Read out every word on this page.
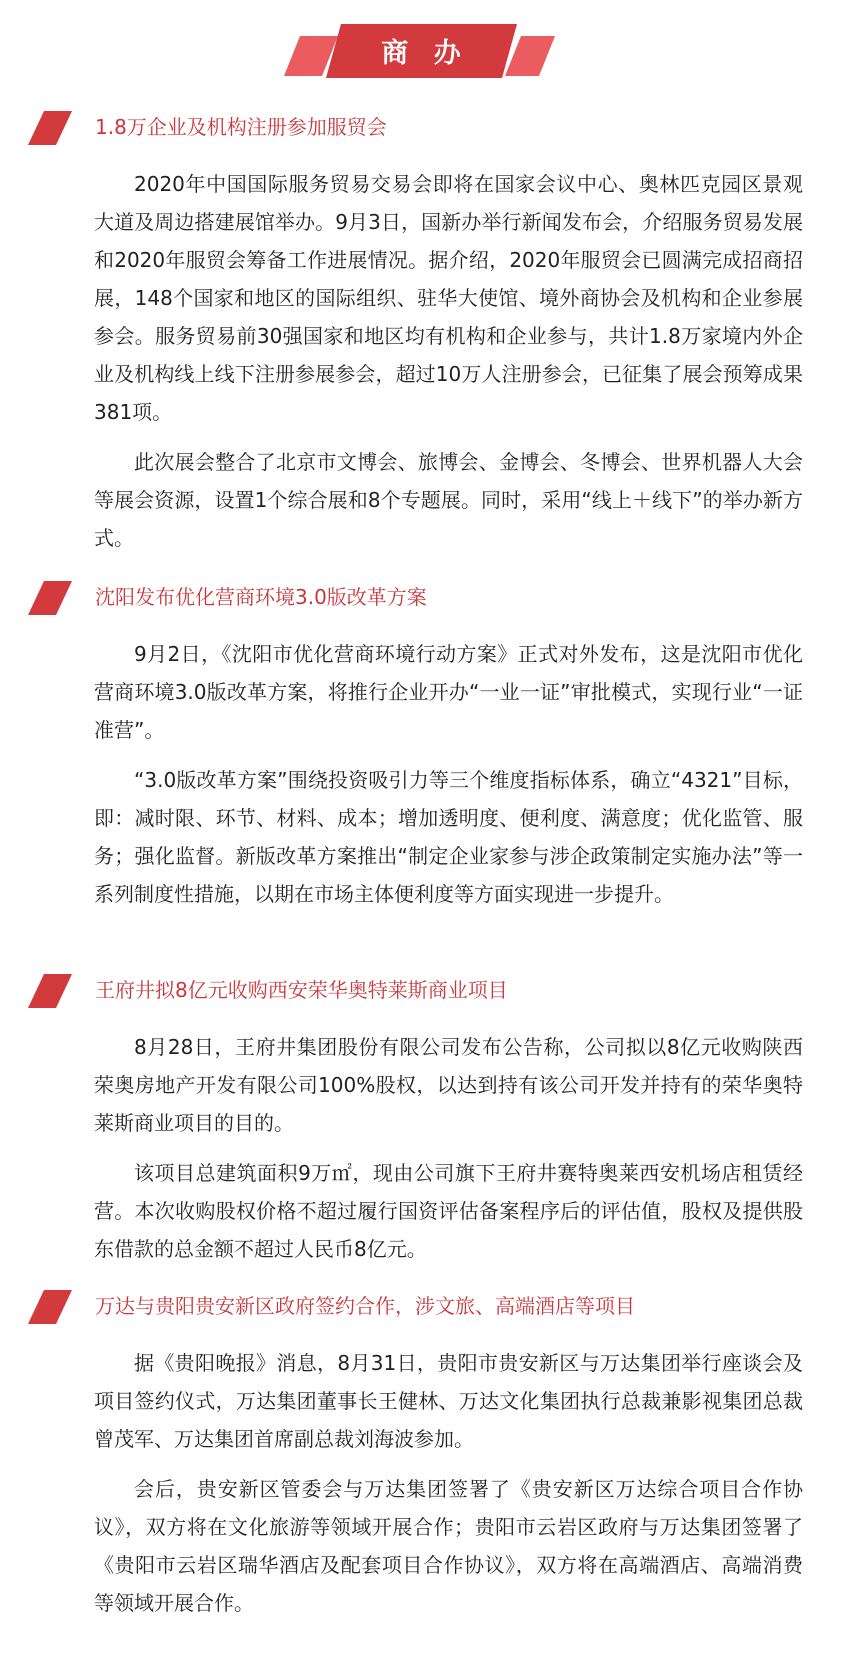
商 办
1.8万企业及机构注册参加服贸会

2020年中国国际服务贸易交易会即将在国家会议中心、奥林匹克园区景观大道及周边搭建展馆举办。9月3日，国新办举行新闻发布会，介绍服务贸易发展和2020年服贸会筹备工作进展情况。据介绍，2020年服贸会已圆满完成招商招展，148个国家和地区的国际组织、驻华大使馆、境外商协会及机构和企业参展参会。服务贸易前30强国家和地区均有机构和企业参与，共计1.8万家境内外企业及机构线上线下注册参展参会，超过10万人注册参会，已征集了展会预筹成果381项。

此次展会整合了北京市文博会、旅博会、金博会、冬博会、世界机器人大会等展会资源，设置1个综合展和8个专题展。同时，采用“线上＋线下”的举办新方式。

沈阳发布优化营商环境3.0版改革方案

9月2日，《沈阳市优化营商环境行动方案》正式对外发布，这是沈阳市优化营商环境3.0版改革方案，将推行企业开办“一业一证”审批模式，实现行业“一证准营”。

“3.0版改革方案”围绕投资吸引力等三个维度指标体系，确立“4321”目标，即：减时限、环节、材料、成本；增加透明度、便利度、满意度；优化监管、服务；强化监督。新版改革方案推出“制定企业家参与涉企政策制定实施办法”等一系列制度性措施，以期在市场主体便利度等方面实现进一步提升。

王府井拟8亿元收购西安荣华奥特莱斯商业项目

8月28日，王府井集团股份有限公司发布公告称，公司拟以8亿元收购陕西荣奥房地产开发有限公司100%股权，以达到持有该公司开发并持有的荣华奥特莱斯商业项目的目的。

该项目总建筑面积9万㎡，现由公司旗下王府井赛特奥莱西安机场店租赁经营。本次收购股权价格不超过履行国资评估备案程序后的评估值，股权及提供股东借款的总金额不超过人民币8亿元。

万达与贵阳贵安新区政府签约合作，涉文旅、高端酒店等项目

据《贵阳晚报》消息，8月31日，贵阳市贵安新区与万达集团举行座谈会及项目签约仪式，万达集团董事长王健林、万达文化集团执行总裁兼影视集团总裁曾茂军、万达集团首席副总裁刘海波参加。

会后，贵安新区管委会与万达集团签署了《贵安新区万达综合项目合作协议》，双方将在文化旅游等领域开展合作；贵阳市云岩区政府与万达集团签署了《贵阳市云岩区瑞华酒店及配套项目合作协议》，双方将在高端酒店、高端消费等领域开展合作。
